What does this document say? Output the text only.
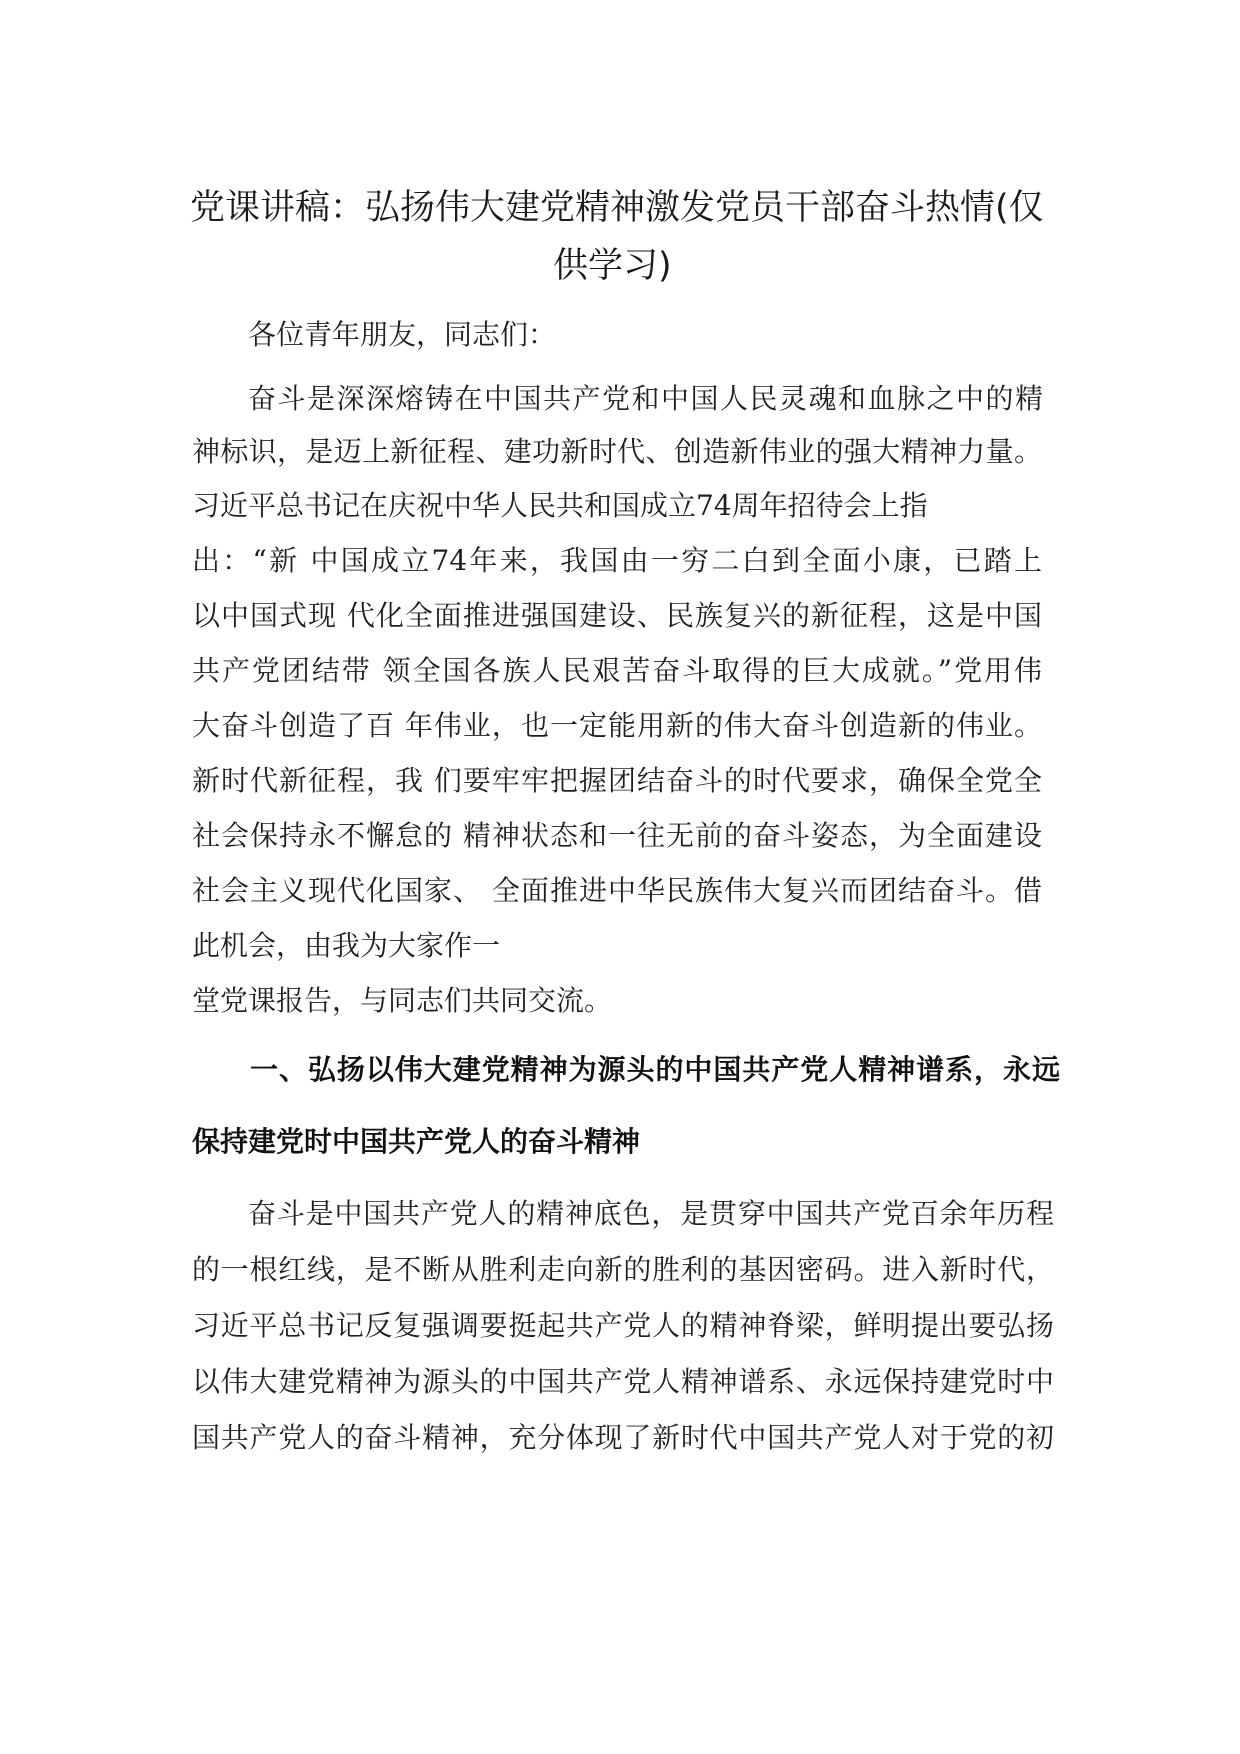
党课讲稿：弘扬伟大建党精神激发党员干部奋斗热情(仅
供学习)
各位青年朋友，同志们：
奋斗是深深熔铸在中国共产党和中国人民灵魂和血脉之中的精
神标识，是迈上新征程、建功新时代、创造新伟业的强大精神力量。
习近平总书记在庆祝中华人民共和国成立74周年招待会上指
出：“新 中国成立74年来，我国由一穷二白到全面小康，已踏上
以中国式现 代化全面推进强国建设、民族复兴的新征程，这是中国
共产党团结带 领全国各族人民艰苦奋斗取得的巨大成就。”党用伟
大奋斗创造了百 年伟业，也一定能用新的伟大奋斗创造新的伟业。
新时代新征程，我 们要牢牢把握团结奋斗的时代要求，确保全党全
社会保持永不懈怠的 精神状态和一往无前的奋斗姿态，为全面建设
社会主义现代化国家、 全面推进中华民族伟大复兴而团结奋斗。借
此机会，由我为大家作一
堂党课报告，与同志们共同交流。
一、弘扬以伟大建党精神为源头的中国共产党人精神谱系，永远
保持建党时中国共产党人的奋斗精神
奋斗是中国共产党人的精神底色，是贯穿中国共产党百余年历程
的一根红线，是不断从胜利走向新的胜利的基因密码。进入新时代，
习近平总书记反复强调要挺起共产党人的精神脊梁，鲜明提出要弘扬
以伟大建党精神为源头的中国共产党人精神谱系、永远保持建党时中
国共产党人的奋斗精神，充分体现了新时代中国共产党人对于党的初
